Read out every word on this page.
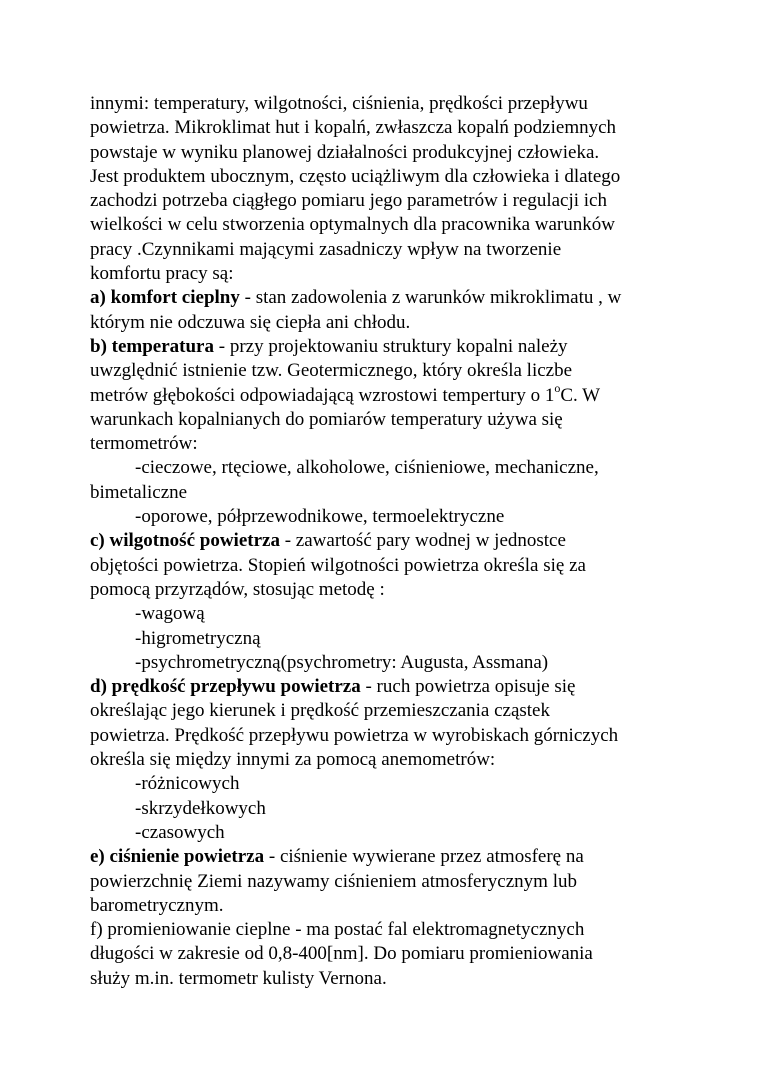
innymi: temperatury, wilgotności, ciśnienia, prędkości przepływu
powietrza. Mikroklimat hut i kopalń, zwłaszcza kopalń podziemnych
powstaje w wyniku planowej działalności produkcyjnej człowieka.
Jest produktem ubocznym, często uciążliwym dla człowieka i dlatego
zachodzi potrzeba ciągłego pomiaru jego parametrów i regulacji ich
wielkości w celu stworzenia optymalnych dla pracownika warunków
pracy .Czynnikami mającymi zasadniczy wpływ na tworzenie
komfortu pracy są:
a) komfort cieplny - stan zadowolenia z warunków mikroklimatu , w
którym nie odczuwa się ciepła ani chłodu.
b) temperatura - przy projektowaniu struktury kopalni należy
uwzględnić istnienie tzw. Geotermicznego, który określa liczbe
metrów głębokości odpowiadającą wzrostowi tempertury o 1$^o$C. W
warunkach kopalnianych do pomiarów temperatury używa się
termometrów:
-cieczowe, rtęciowe, alkoholowe, ciśnieniowe, mechaniczne,
bimetaliczne
-oporowe, półprzewodnikowe, termoelektryczne
c) wilgotność powietrza - zawartość pary wodnej w jednostce
objętości powietrza. Stopień wilgotności powietrza określa się za
pomocą przyrządów, stosując metodę :
-wagową
-higrometryczną
-psychrometryczną(psychrometry: Augusta, Assmana)
d) prędkość przepływu powietrza - ruch powietrza opisuje się
określając jego kierunek i prędkość przemieszczania cząstek
powietrza. Prędkość przepływu powietrza w wyrobiskach górniczych
określa się między innymi za pomocą anemometrów:
-różnicowych
-skrzydełkowych
-czasowych
e) ciśnienie powietrza - ciśnienie wywierane przez atmosferę na
powierzchnię Ziemi nazywamy ciśnieniem atmosferycznym lub
barometrycznym.
f) promieniowanie cieplne - ma postać fal elektromagnetycznych
długości w zakresie od 0,8-400[nm]. Do pomiaru promieniowania
służy m.in. termometr kulisty Vernona.
